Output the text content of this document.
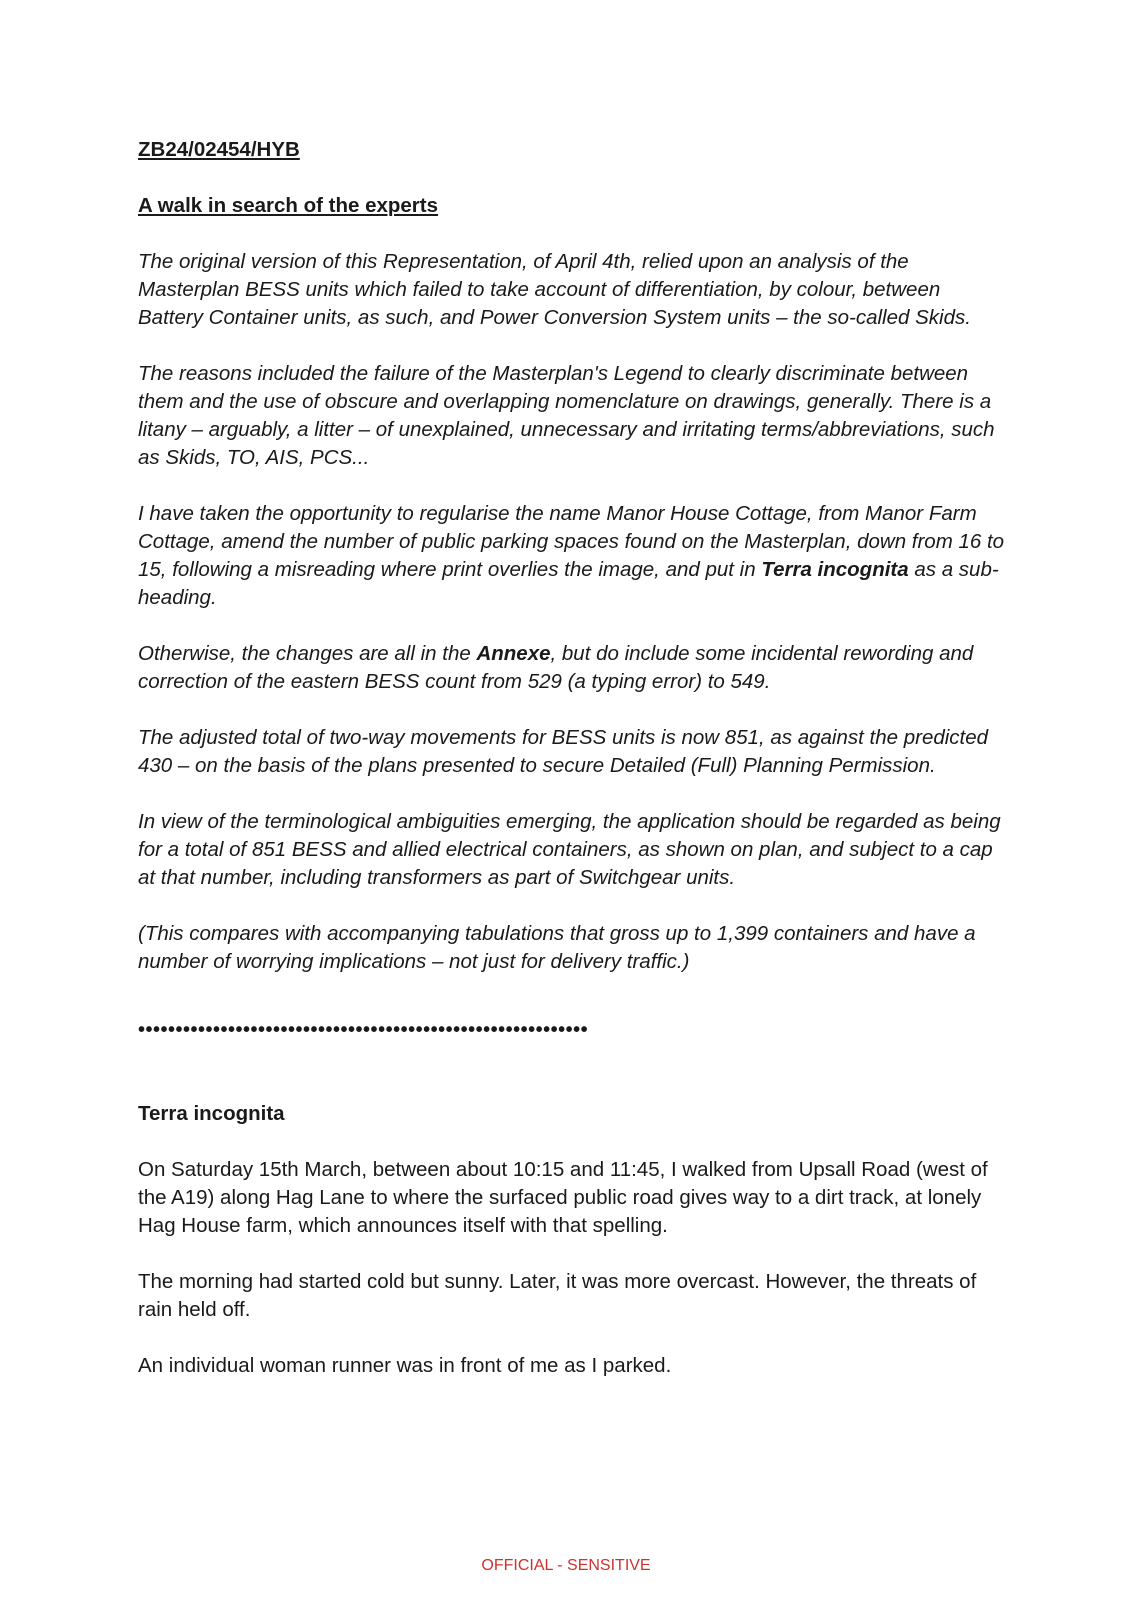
ZB24/02454/HYB

A walk in search of the experts

The original version of this Representation, of April 4th, relied upon an analysis of the Masterplan BESS units which failed to take account of differentiation, by colour, between Battery Container units, as such, and Power Conversion System units – the so-called Skids.

The reasons included the failure of the Masterplan's Legend to clearly discriminate between them and the use of obscure and overlapping nomenclature on drawings, generally. There is a litany – arguably, a litter – of unexplained, unnecessary and irritating terms/abbreviations, such as Skids, TO, AIS, PCS...

I have taken the opportunity to regularise the name Manor House Cottage, from Manor Farm Cottage, amend the number of public parking spaces found on the Masterplan, down from 16 to 15, following a misreading where print overlies the image, and put in Terra incognita as a sub-heading.

Otherwise, the changes are all in the Annexe, but do include some incidental rewording and correction of the eastern BESS count from 529 (a typing error) to 549.

The adjusted total of two-way movements for BESS units is now 851, as against the predicted 430 – on the basis of the plans presented to secure Detailed (Full) Planning Permission.

In view of the terminological ambiguities emerging, the application should be regarded as being for a total of 851 BESS and allied electrical containers, as shown on plan, and subject to a cap at that number, including transformers as part of Switchgear units.

(This compares with accompanying tabulations that gross up to 1,399 containers and have a number of worrying implications – not just for delivery traffic.)

••••••••••••••••••••••••••••••••••••••••••••••••••••••••••••

Terra incognita

On Saturday 15th March, between about 10:15 and 11:45, I walked from Upsall Road (west of the A19) along Hag Lane to where the surfaced public road gives way to a dirt track, at lonely Hag House farm, which announces itself with that spelling.

The morning had started cold but sunny. Later, it was more overcast. However, the threats of rain held off.

An individual woman runner was in front of me as I parked.

OFFICIAL - SENSITIVE
